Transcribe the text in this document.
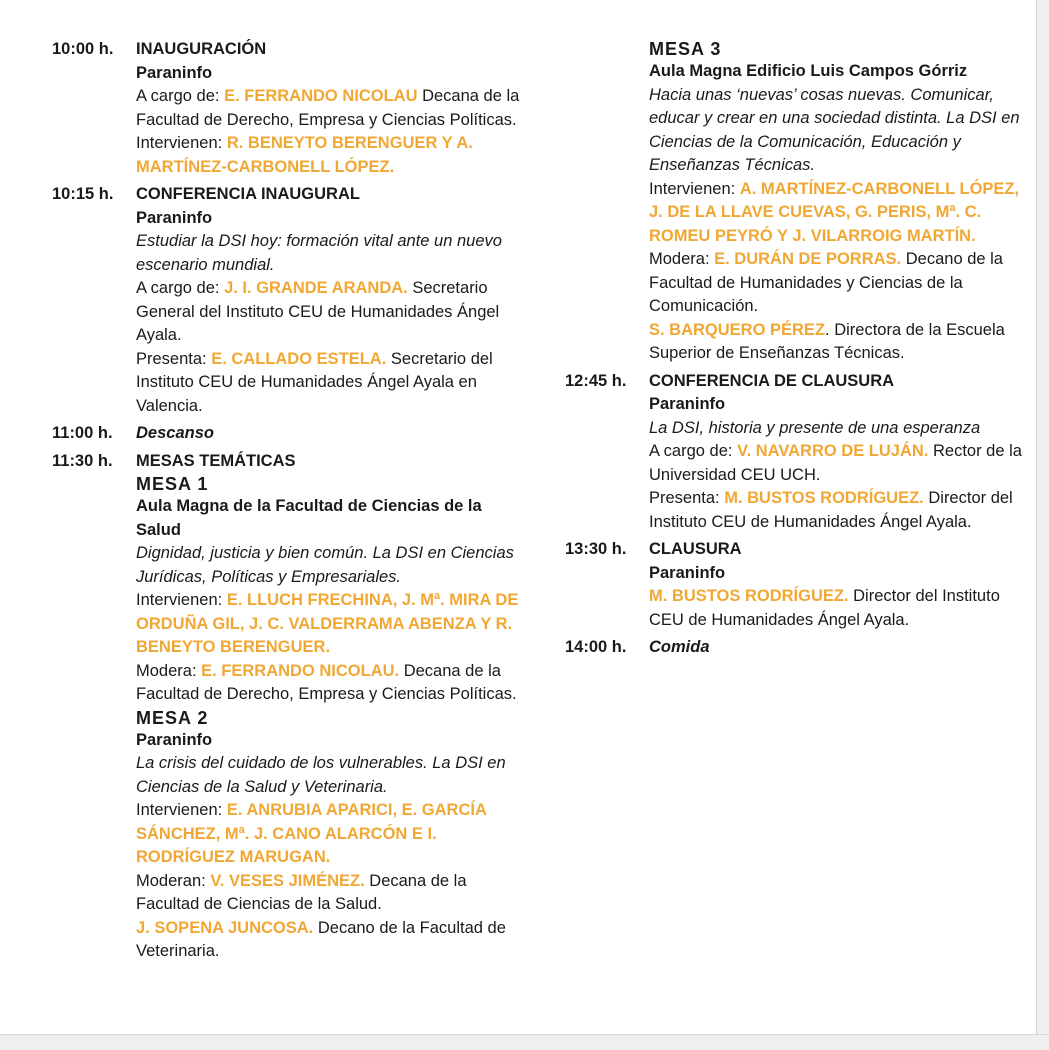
10:00 h.	INAUGURACIÓN

Paraninfo

A cargo de: E. FERRANDO NICOLAU Decana de la Facultad de Derecho, Empresa y Ciencias Políticas.

Intervienen: R. BENEYTO BERENGUER Y A. MARTÍNEZ-CARBONELL LÓPEZ.

10:15 h.	CONFERENCIA INAUGURAL

Paraninfo

Estudiar la DSI hoy: formación vital ante un nuevo escenario mundial.

A cargo de: J. I. GRANDE ARANDA. Secretario General del Instituto CEU de Humanidades Ángel Ayala.

Presenta: E. CALLADO ESTELA. Secretario del Instituto CEU de Humanidades Ángel Ayala en Valencia.

11:00 h.	Descanso

11:30 h.	MESAS TEMÁTICAS

MESA 1

Aula Magna de la Facultad de Ciencias de la Salud

Dignidad, justicia y bien común. La DSI en Ciencias Jurídicas, Políticas y Empresariales.

Intervienen: E. LLUCH FRECHINA, J. Mª. MIRA DE ORDUÑA GIL, J. C. VALDERRAMA ABENZA Y R. BENEYTO BERENGUER.

Modera: E. FERRANDO NICOLAU. Decana de la Facultad de Derecho, Empresa y Ciencias Políticas.

MESA 2

Paraninfo

La crisis del cuidado de los vulnerables. La DSI en Ciencias de la Salud y Veterinaria.

Intervienen: E. ANRUBIA APARICI, E. GARCÍA SÁNCHEZ, Mª. J. CANO ALARCÓN E I. RODRÍGUEZ MARUGAN.

Moderan: V. VESES JIMÉNEZ. Decana de la Facultad de Ciencias de la Salud.

J. SOPENA JUNCOSA. Decano de la Facultad de Veterinaria.

MESA 3

Aula Magna Edificio Luis Campos Górriz

Hacia unas ‘nuevas’ cosas nuevas. Comunicar, educar y crear en una sociedad distinta. La DSI en Ciencias de la Comunicación, Educación y Enseñanzas Técnicas.

Intervienen: A. MARTÍNEZ-CARBONELL LÓPEZ, J. DE LA LLAVE CUEVAS, G. PERIS, Mª. C. ROMEU PEYRÓ Y J. VILARROIG MARTÍN.

Modera: E. DURÁN DE PORRAS. Decano de la Facultad de Humanidades y Ciencias de la Comunicación.

S. BARQUERO PÉREZ. Directora de la Escuela Superior de Enseñanzas Técnicas.

12:45 h.	CONFERENCIA DE CLAUSURA

Paraninfo

La DSI, historia y presente de una esperanza

A cargo de: V. NAVARRO DE LUJÁN. Rector de la Universidad CEU UCH.

Presenta: M. BUSTOS RODRÍGUEZ. Director del Instituto CEU de Humanidades Ángel Ayala.

13:30 h.	CLAUSURA

Paraninfo

M. BUSTOS RODRÍGUEZ. Director del Instituto CEU de Humanidades Ángel Ayala.

14:00 h.	Comida
